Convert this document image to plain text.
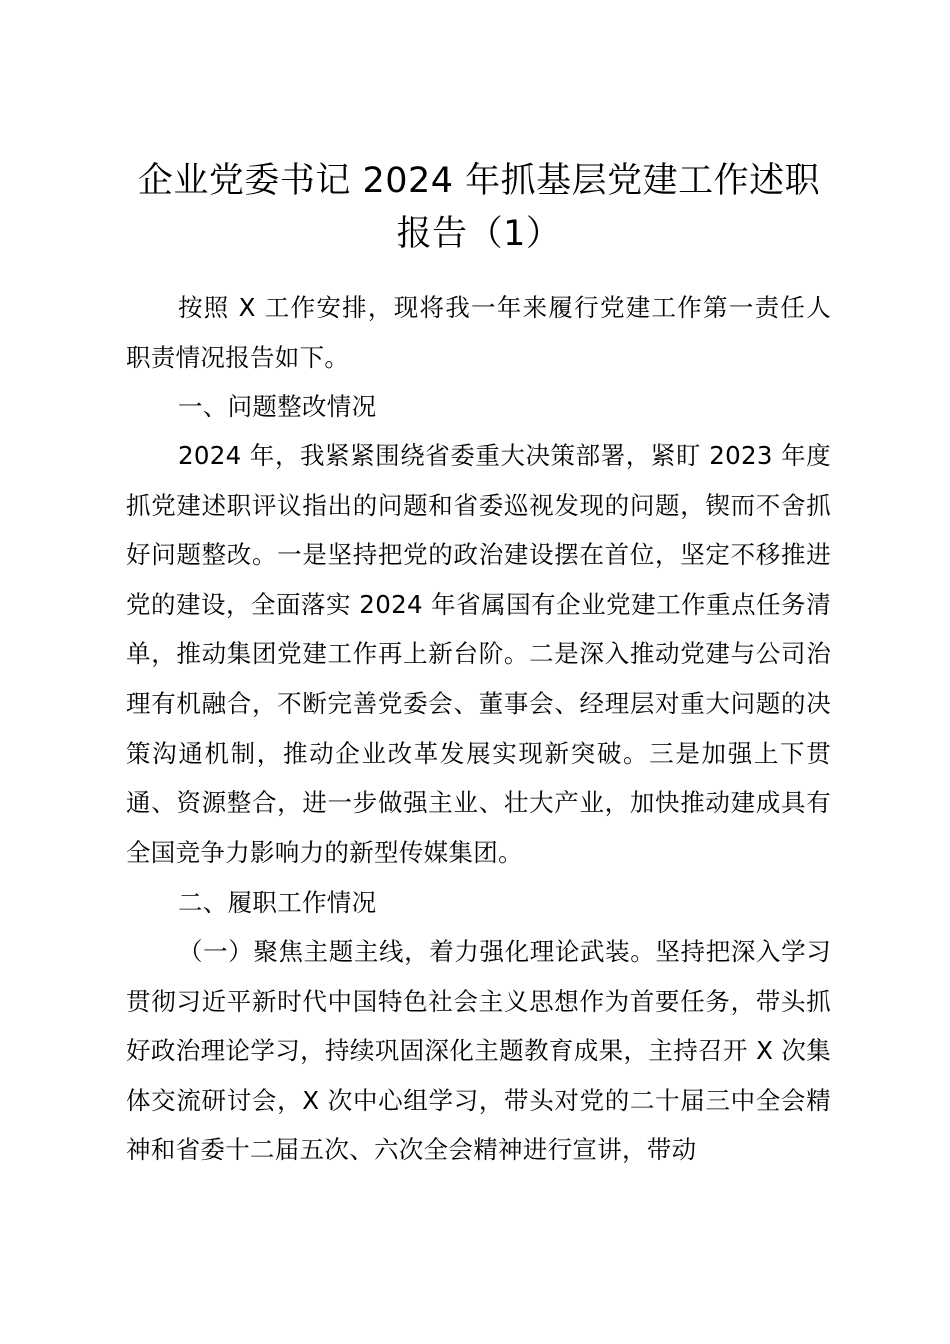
企业党委书记 2024 年抓基层党建工作述职报告（1）
按照 X 工作安排，现将我一年来履行党建工作第一责任人职责情况报告如下。
一、问题整改情况
2024 年，我紧紧围绕省委重大决策部署，紧盯 2023 年度抓党建述职评议指出的问题和省委巡视发现的问题，锲而不舍抓好问题整改。一是坚持把党的政治建设摆在首位，坚定不移推进党的建设，全面落实 2024 年省属国有企业党建工作重点任务清单，推动集团党建工作再上新台阶。二是深入推动党建与公司治理有机融合，不断完善党委会、董事会、经理层对重大问题的决策沟通机制，推动企业改革发展实现新突破。三是加强上下贯通、资源整合，进一步做强主业、壮大产业，加快推动建成具有全国竞争力影响力的新型传媒集团。
二、履职工作情况
（一）聚焦主题主线，着力强化理论武装。坚持把深入学习贯彻习近平新时代中国特色社会主义思想作为首要任务，带头抓好政治理论学习，持续巩固深化主题教育成果，主持召开 X 次集体交流研讨会，X 次中心组学习，带头对党的二十届三中全会精神和省委十二届五次、六次全会精神进行宣讲，带动
